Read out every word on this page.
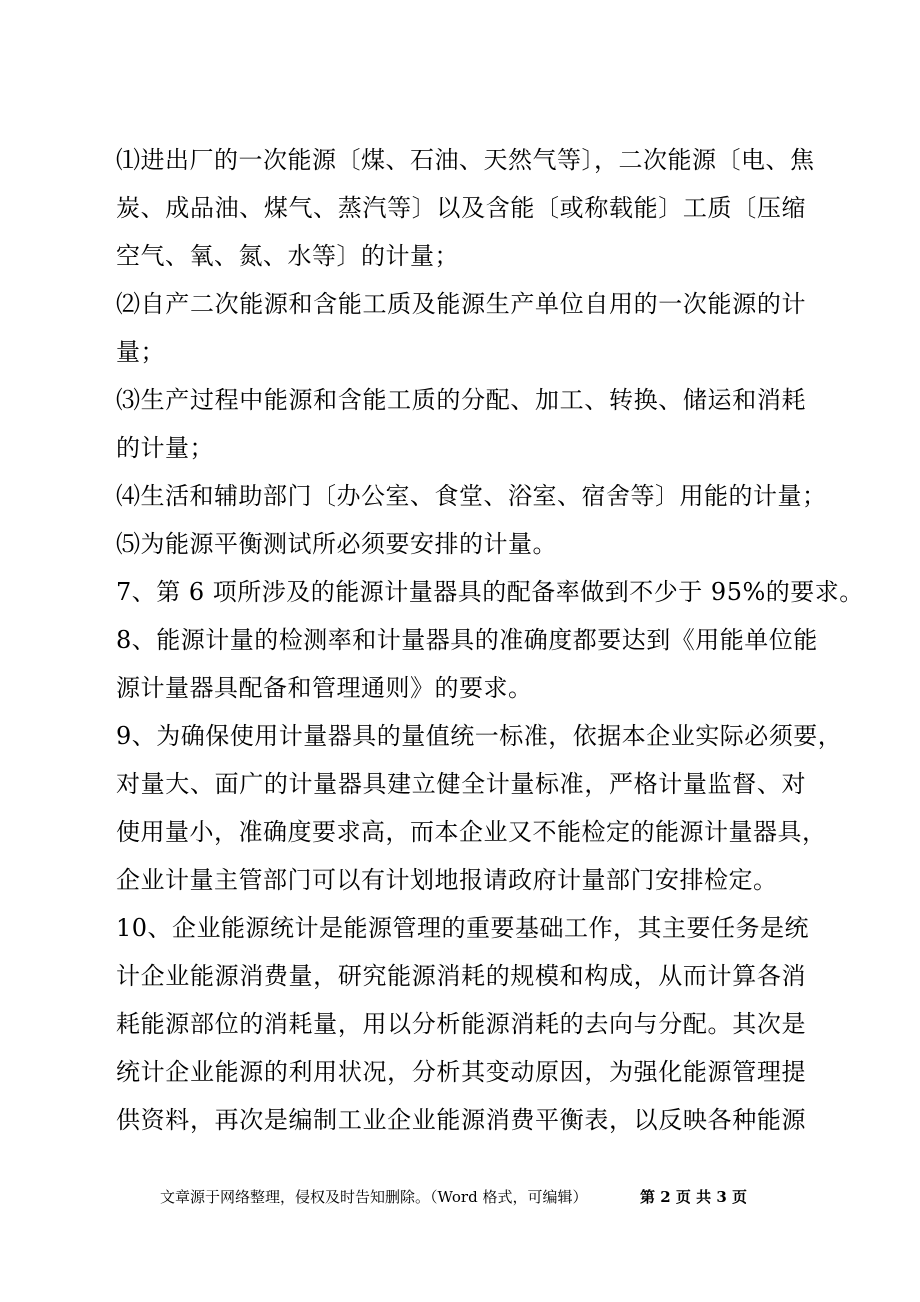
⑴进出厂的一次能源〔煤、石油、天然气等〕，二次能源〔电、焦
炭、成品油、煤气、蒸汽等〕以及含能〔或称载能〕工质〔压缩
空气、氧、氮、水等〕的计量；
⑵自产二次能源和含能工质及能源生产单位自用的一次能源的计
量；
⑶生产过程中能源和含能工质的分配、加工、转换、储运和消耗
的计量；
⑷生活和辅助部门〔办公室、食堂、浴室、宿舍等〕用能的计量；
⑸为能源平衡测试所必须要安排的计量。
7、第 6 项所涉及的能源计量器具的配备率做到不少于 95%的要求。
8、能源计量的检测率和计量器具的准确度都要达到《用能单位能
源计量器具配备和管理通则》的要求。
9、为确保使用计量器具的量值统一标准，依据本企业实际必须要，
对量大、面广的计量器具建立健全计量标准，严格计量监督、对
使用量小，准确度要求高，而本企业又不能检定的能源计量器具，
企业计量主管部门可以有计划地报请政府计量部门安排检定。
10、企业能源统计是能源管理的重要基础工作，其主要任务是统
计企业能源消费量，研究能源消耗的规模和构成，从而计算各消
耗能源部位的消耗量，用以分析能源消耗的去向与分配。其次是
统计企业能源的利用状况，分析其变动原因，为强化能源管理提
供资料，再次是编制工业企业能源消费平衡表，以反映各种能源
文章源于网络整理，侵权及时告知删除。（Word 格式，可编辑）	第 2 页 共 3 页
